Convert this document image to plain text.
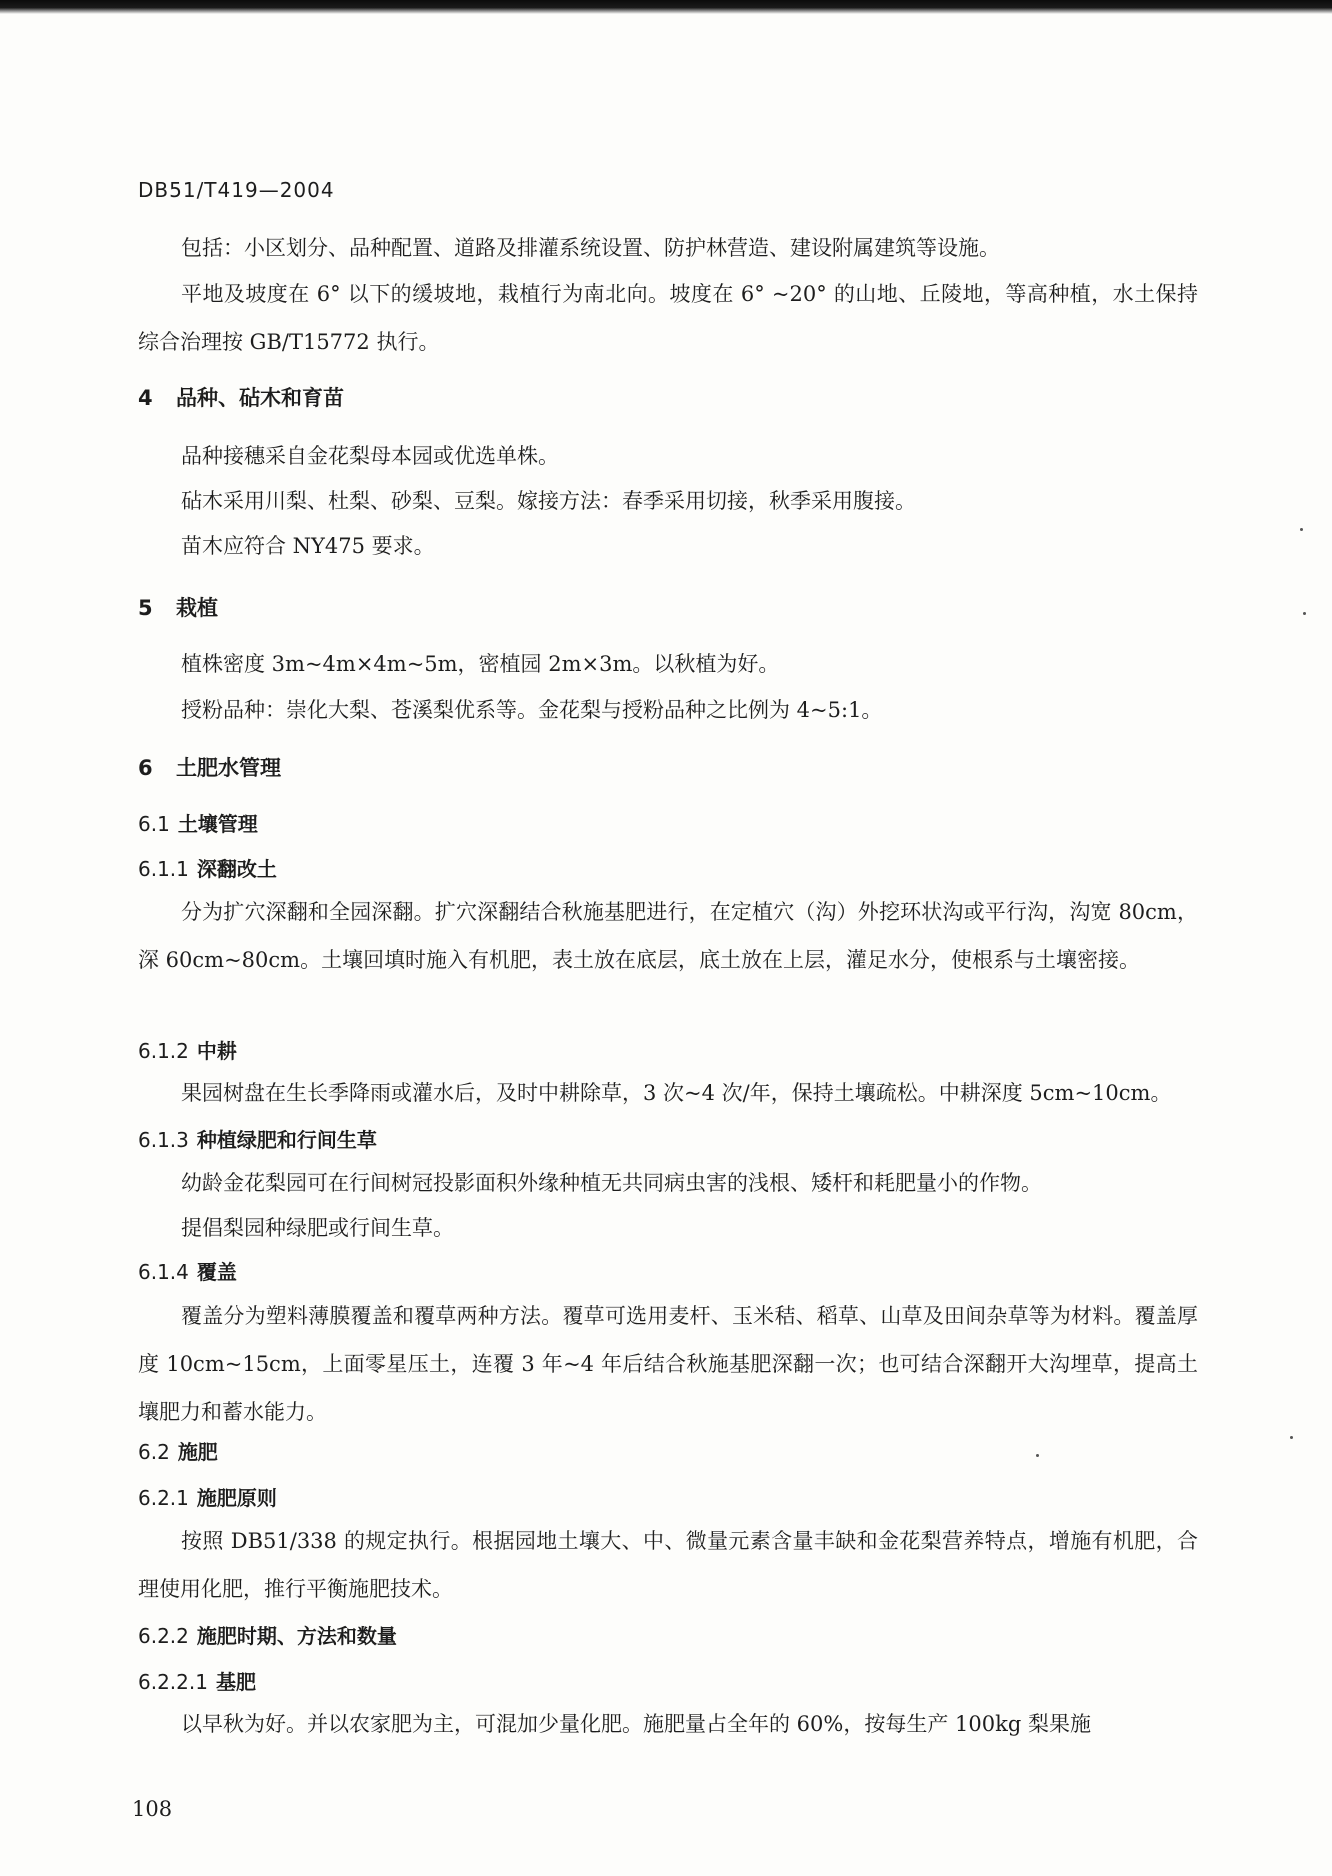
DB51/T419—2004
包括：小区划分、品种配置、道路及排灌系统设置、防护林营造、建设附属建筑等设施。
平地及坡度在 6° 以下的缓坡地，栽植行为南北向。坡度在 6° ~20° 的山地、丘陵地，等高种植，水土保持综合治理按 GB/T15772 执行。
4 品种、砧木和育苗
品种接穗采自金花梨母本园或优选单株。
砧木采用川梨、杜梨、砂梨、豆梨。嫁接方法：春季采用切接，秋季采用腹接。
苗木应符合 NY475 要求。
5 栽植
植株密度 3m~4m×4m~5m，密植园 2m×3m。以秋植为好。
授粉品种：崇化大梨、苍溪梨优系等。金花梨与授粉品种之比例为 4~5:1。
6 土肥水管理
6.1 土壤管理
6.1.1 深翻改土
分为扩穴深翻和全园深翻。扩穴深翻结合秋施基肥进行，在定植穴（沟）外挖环状沟或平行沟，沟宽 80cm，深 60cm~80cm。土壤回填时施入有机肥，表土放在底层，底土放在上层，灌足水分，使根系与土壤密接。
6.1.2 中耕
果园树盘在生长季降雨或灌水后，及时中耕除草，3 次~4 次/年，保持土壤疏松。中耕深度 5cm~10cm。
6.1.3 种植绿肥和行间生草
幼龄金花梨园可在行间树冠投影面积外缘种植无共同病虫害的浅根、矮杆和耗肥量小的作物。
提倡梨园种绿肥或行间生草。
6.1.4 覆盖
覆盖分为塑料薄膜覆盖和覆草两种方法。覆草可选用麦杆、玉米秸、稻草、山草及田间杂草等为材料。覆盖厚度 10cm~15cm，上面零星压土，连覆 3 年~4 年后结合秋施基肥深翻一次；也可结合深翻开大沟埋草，提高土壤肥力和蓄水能力。
6.2 施肥
6.2.1 施肥原则
按照 DB51/338 的规定执行。根据园地土壤大、中、微量元素含量丰缺和金花梨营养特点，增施有机肥，合理使用化肥，推行平衡施肥技术。
6.2.2 施肥时期、方法和数量
6.2.2.1 基肥
以早秋为好。并以农家肥为主，可混加少量化肥。施肥量占全年的 60%，按每生产 100kg 梨果施
108
